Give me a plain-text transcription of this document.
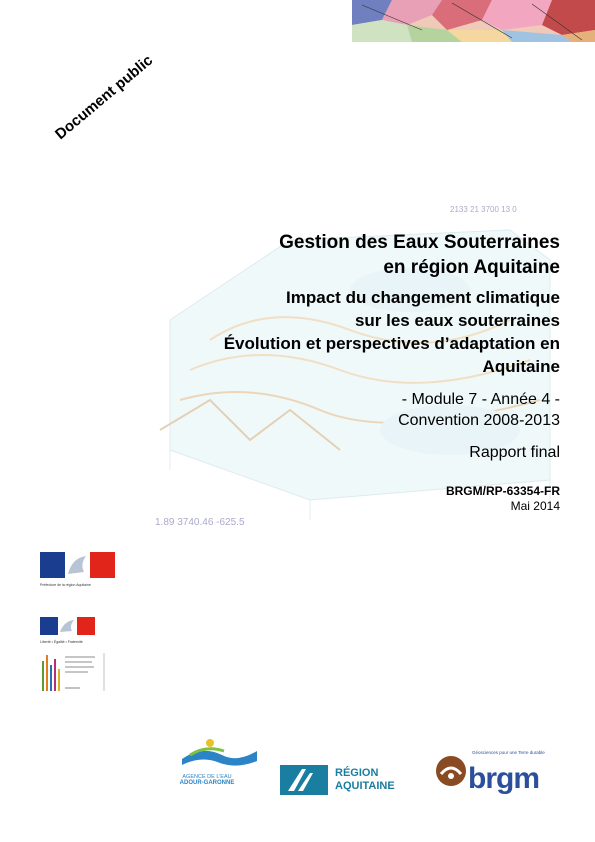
2133 21 3700 13 0
1.89 3740.46 -625.5
Document public
Gestion des Eaux Souterraines
en région Aquitaine
Impact du changement climatique
sur les eaux souterraines
Évolution et perspectives d’adaptation en
Aquitaine
- Module 7 - Année 4 -
Convention 2008-2013
Rapport final
BRGM/RP-63354-FR
Mai 2014
Préfecture de la région Aquitaine
Liberté • Égalité • Fraternité
AGENCE DE L’EAU
ADOUR-GARONNE
RÉGION
AQUITAINE
Géosciences pour une Terre durable
brgm
